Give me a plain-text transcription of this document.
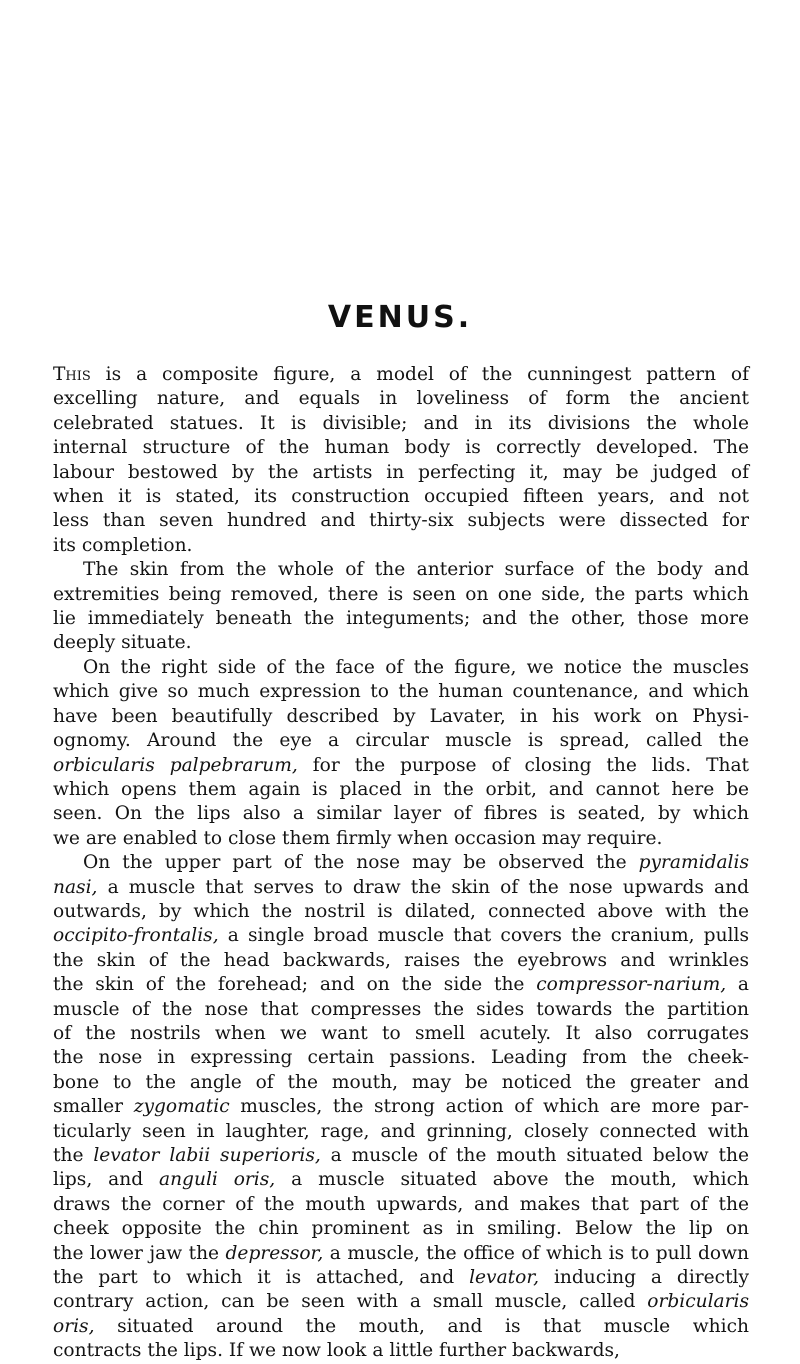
VENUS.
This is a composite figure, a model of the cunningest pattern of
excelling nature, and equals in loveliness of form the ancient
celebrated statues. It is divisible; and in its divisions the whole
internal structure of the human body is correctly developed. The
labour bestowed by the artists in perfecting it, may be judged of
when it is stated, its construction occupied fifteen years, and not
less than seven hundred and thirty-six subjects were dissected for
its completion.
The skin from the whole of the anterior surface of the body and
extremities being removed, there is seen on one side, the parts which
lie immediately beneath the integuments; and the other, those more
deeply situate.
On the right side of the face of the figure, we notice the muscles
which give so much expression to the human countenance, and which
have been beautifully described by Lavater, in his work on Physi-
ognomy. Around the eye a circular muscle is spread, called the
orbicularis palpebrarum, for the purpose of closing the lids. That
which opens them again is placed in the orbit, and cannot here be
seen. On the lips also a similar layer of fibres is seated, by which
we are enabled to close them firmly when occasion may require.
On the upper part of the nose may be observed the pyramidalis
nasi, a muscle that serves to draw the skin of the nose upwards and
outwards, by which the nostril is dilated, connected above with the
occipito-frontalis, a single broad muscle that covers the cranium, pulls
the skin of the head backwards, raises the eyebrows and wrinkles
the skin of the forehead; and on the side the compressor-narium, a
muscle of the nose that compresses the sides towards the partition
of the nostrils when we want to smell acutely. It also corrugates
the nose in expressing certain passions. Leading from the cheek-
bone to the angle of the mouth, may be noticed the greater and
smaller zygomatic muscles, the strong action of which are more par-
ticularly seen in laughter, rage, and grinning, closely connected with
the levator labii superioris, a muscle of the mouth situated below the
lips, and anguli oris, a muscle situated above the mouth, which
draws the corner of the mouth upwards, and makes that part of the
cheek opposite the chin prominent as in smiling. Below the lip on
the lower jaw the depressor, a muscle, the office of which is to pull down
the part to which it is attached, and levator, inducing a directly
contrary action, can be seen with a small muscle, called orbicularis
oris, situated around the mouth, and is that muscle which
contracts the lips. If we now look a little further backwards,
